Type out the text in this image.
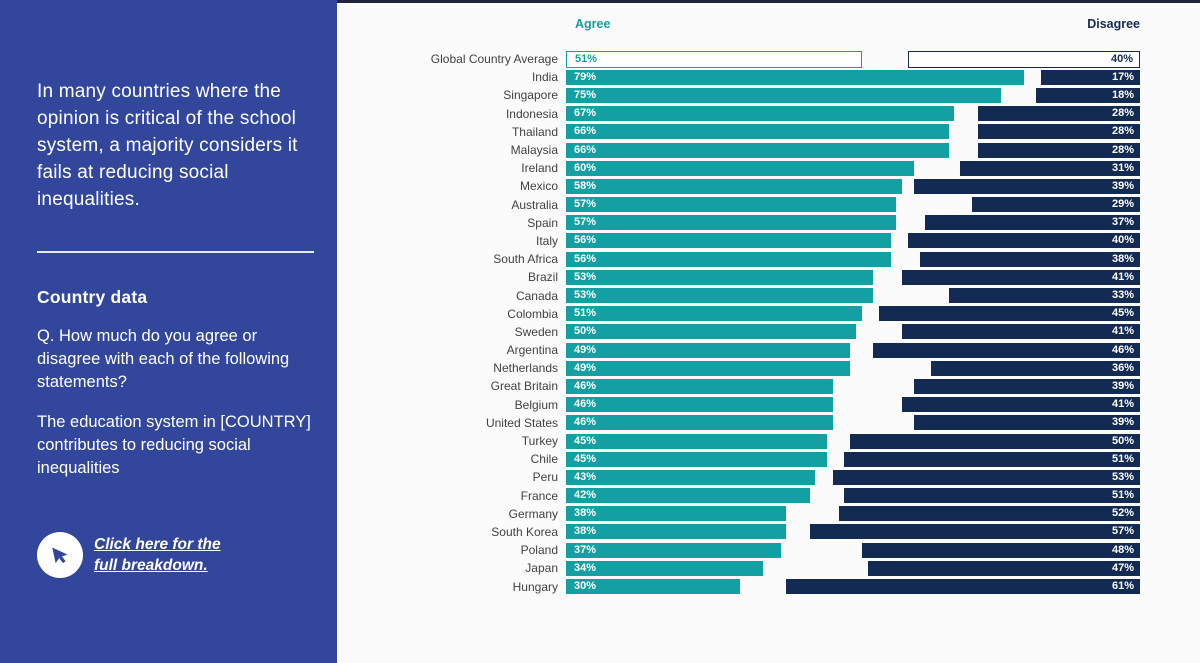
In many countries where the opinion is critical of the school system, a majority considers it fails at reducing social inequalities.

Country data

Q. How much do you agree or disagree with each of the following statements?

The education system in [COUNTRY] contributes to reducing social inequalities

Click here for the
full breakdown.
Agree	Disagree
Global Country Average 51%	40%
India 79%	17%
Singapore 75%	18%
Indonesia 67%	28%
Thailand 66%	28%
Malaysia 66%	28%
Ireland 60%	31%
Mexico 58%	39%
Australia 57%	29%
Spain 57%	37%
Italy 56%	40%
South Africa 56%	38%
Brazil 53%	41%
Canada 53%	33%
Colombia 51%	45%
Sweden 50%	41%
Argentina 49%	46%
Netherlands 49%	36%
Great Britain 46%	39%
Belgium 46%	41%
United States 46%	39%
Turkey 45%	50%
Chile 45%	51%
Peru 43%	53%
France 42%	51%
Germany 38%	52%
South Korea 38%	57%
Poland 37%	48%
Japan 34%	47%
Hungary 30%	61%
